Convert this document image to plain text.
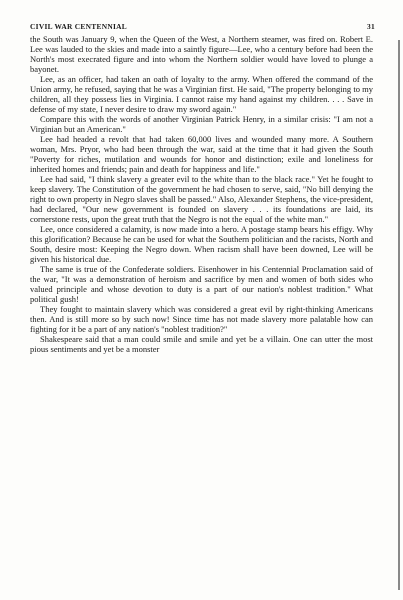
CIVIL WAR CENTENNIAL	31

the South was January 9, when the Queen of the West, a Northern steamer, was fired on. Robert E. Lee was lauded to the skies and made into a saintly figure—Lee, who a century before had been the North's most execrated figure and into whom the Northern soldier would have loved to plunge a bayonet.

Lee, as an officer, had taken an oath of loyalty to the army. When offered the command of the Union army, he refused, saying that he was a Virginian first. He said, "The property belonging to my children, all they possess lies in Virginia. I cannot raise my hand against my children. . . . Save in defense of my state, I never desire to draw my sword again."

Compare this with the words of another Virginian Patrick Henry, in a similar crisis: "I am not a Virginian but an American."

Lee had headed a revolt that had taken 60,000 lives and wounded many more. A Southern woman, Mrs. Pryor, who had been through the war, said at the time that it had given the South "Poverty for riches, mutilation and wounds for honor and distinction; exile and loneliness for inherited homes and friends; pain and death for happiness and life."

Lee had said, "I think slavery a greater evil to the white than to the black race." Yet he fought to keep slavery. The Constitution of the government he had chosen to serve, said, "No bill denying the right to own property in Negro slaves shall be passed." Also, Alexander Stephens, the vice-president, had declared, "Our new government is founded on slavery . . . its foundations are laid, its cornerstone rests, upon the great truth that the Negro is not the equal of the white man."

Lee, once considered a calamity, is now made into a hero. A postage stamp bears his effigy. Why this glorification? Because he can be used for what the Southern politician and the racists, North and South, desire most: Keeping the Negro down. When racism shall have been downed, Lee will be given his historical due.

The same is true of the Confederate soldiers. Eisenhower in his Centennial Proclamation said of the war, "It was a demonstration of heroism and sacrifice by men and women of both sides who valued principle and whose devotion to duty is a part of our nation's noblest tradition." What political gush!

They fought to maintain slavery which was considered a great evil by right-thinking Americans then. And is still more so by such now! Since time has not made slavery more palatable how can fighting for it be a part of any nation's "noblest tradition?"

Shakespeare said that a man could smile and smile and yet be a villain. One can utter the most pious sentiments and yet be a monster
